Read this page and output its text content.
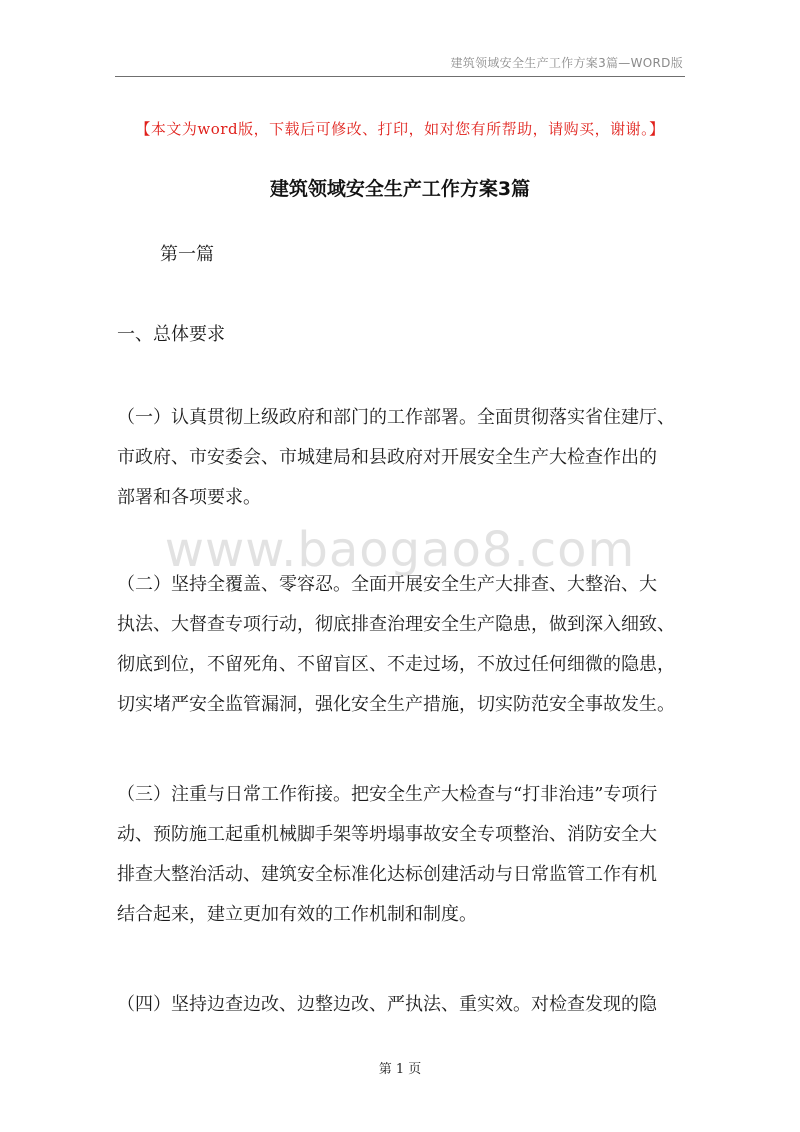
建筑领域安全生产工作方案3篇—WORD版
【本文为word版，下载后可修改、打印，如对您有所帮助，请购买，谢谢。】
建筑领域安全生产工作方案3篇
第一篇
一、总体要求
（一）认真贯彻上级政府和部门的工作部署。全面贯彻落实省住建厅、
市政府、市安委会、市城建局和县政府对开展安全生产大检查作出的
部署和各项要求。
www.baogao8.com
（二）坚持全覆盖、零容忍。全面开展安全生产大排查、大整治、大
执法、大督查专项行动，彻底排查治理安全生产隐患，做到深入细致、
彻底到位，不留死角、不留盲区、不走过场，不放过任何细微的隐患，
切实堵严安全监管漏洞，强化安全生产措施，切实防范安全事故发生。
（三）注重与日常工作衔接。把安全生产大检查与“打非治违”专项行
动、预防施工起重机械脚手架等坍塌事故安全专项整治、消防安全大
排查大整治活动、建筑安全标准化达标创建活动与日常监管工作有机
结合起来，建立更加有效的工作机制和制度。
（四）坚持边查边改、边整边改、严执法、重实效。对检查发现的隐
第 1 页
